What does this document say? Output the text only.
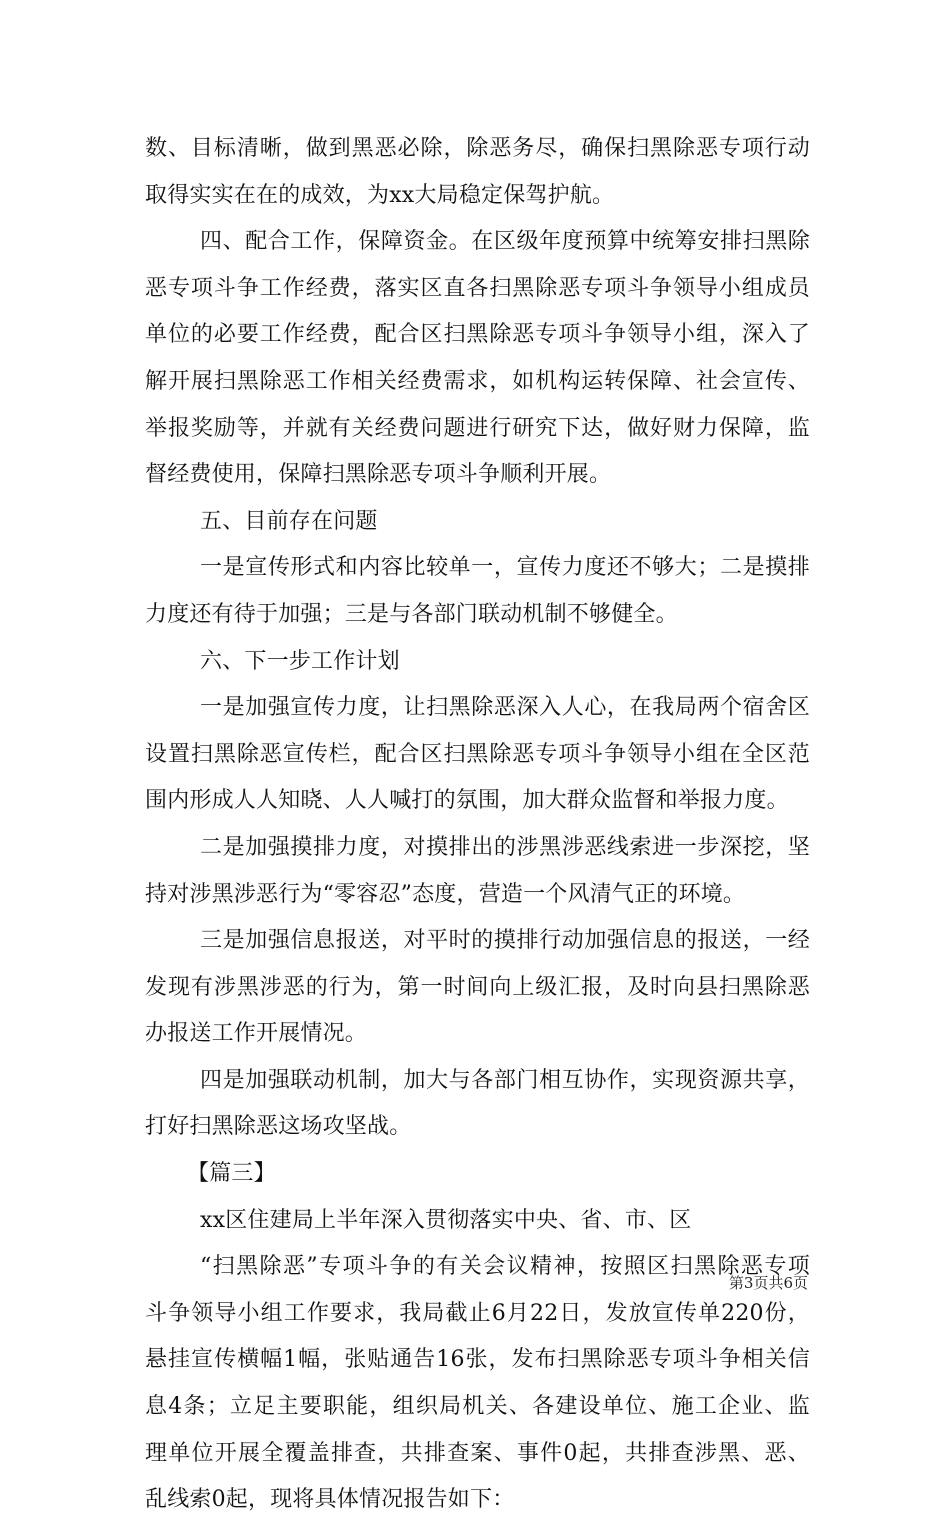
数、目标清晰，做到黑恶必除，除恶务尽，确保扫黑除恶专项行动
取得实实在在的成效，为xx大局稳定保驾护航。
四、配合工作，保障资金。在区级年度预算中统筹安排扫黑除
恶专项斗争工作经费，落实区直各扫黑除恶专项斗争领导小组成员
单位的必要工作经费，配合区扫黑除恶专项斗争领导小组，深入了
解开展扫黑除恶工作相关经费需求，如机构运转保障、社会宣传、
举报奖励等，并就有关经费问题进行研究下达，做好财力保障，监
督经费使用，保障扫黑除恶专项斗争顺利开展。
五、目前存在问题
一是宣传形式和内容比较单一，宣传力度还不够大；二是摸排
力度还有待于加强；三是与各部门联动机制不够健全。
六、下一步工作计划
一是加强宣传力度，让扫黑除恶深入人心，在我局两个宿舍区
设置扫黑除恶宣传栏，配合区扫黑除恶专项斗争领导小组在全区范
围内形成人人知晓、人人喊打的氛围，加大群众监督和举报力度。
二是加强摸排力度，对摸排出的涉黑涉恶线索进一步深挖，坚
持对涉黑涉恶行为“零容忍”态度，营造一个风清气正的环境。
三是加强信息报送，对平时的摸排行动加强信息的报送，一经
发现有涉黑涉恶的行为，第一时间向上级汇报，及时向县扫黑除恶
办报送工作开展情况。
四是加强联动机制，加大与各部门相互协作，实现资源共享，
打好扫黑除恶这场攻坚战。
【篇三】
xx区住建局上半年深入贯彻落实中央、省、市、区
“扫黑除恶”专项斗争的有关会议精神，按照区扫黑除恶专项
斗争领导小组工作要求，我局截止6月22日，发放宣传单220份，
悬挂宣传横幅1幅，张贴通告16张，发布扫黑除恶专项斗争相关信
息4条；立足主要职能，组织局机关、各建设单位、施工企业、监
理单位开展全覆盖排查，共排查案、事件0起，共排查涉黑、恶、
乱线索0起，现将具体情况报告如下：
第3页共6页
